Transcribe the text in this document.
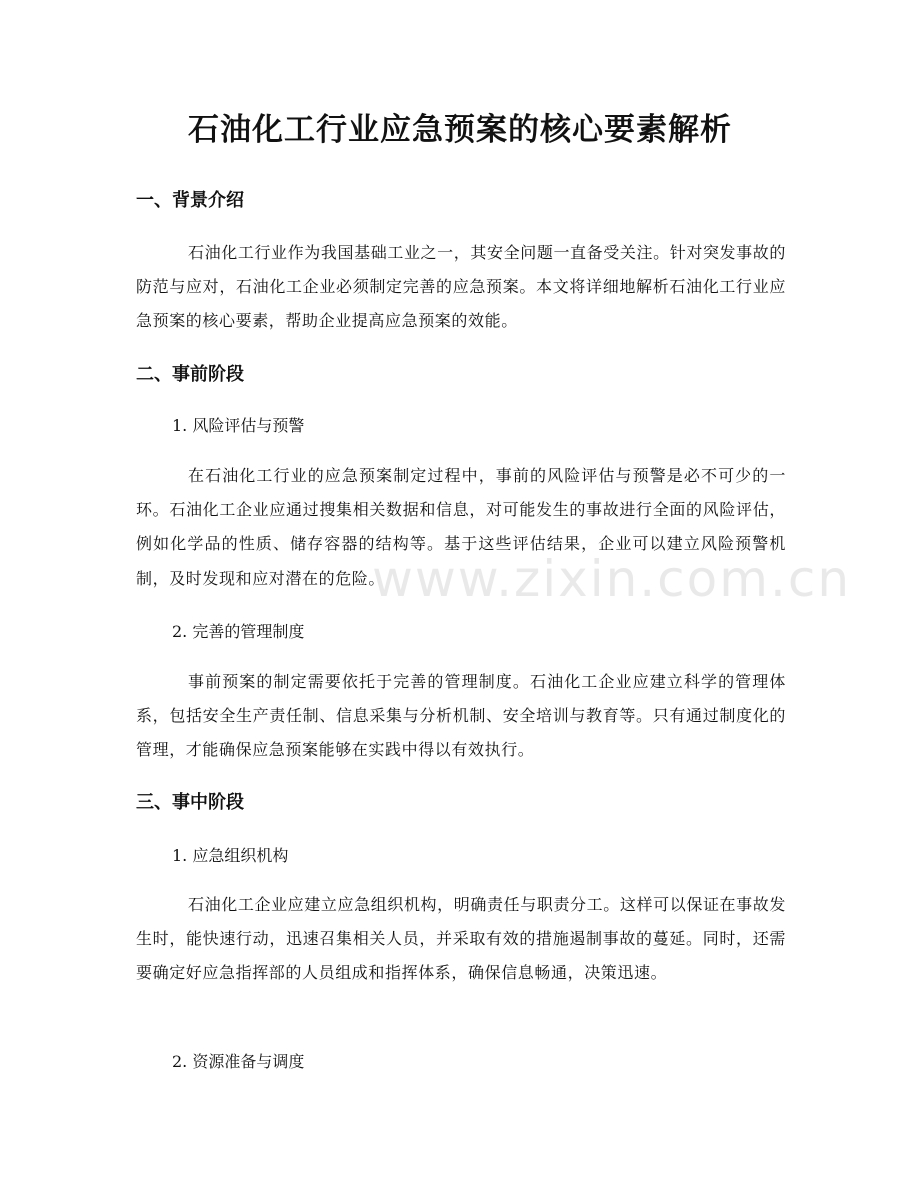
石油化工行业应急预案的核心要素解析
一、背景介绍
石油化工行业作为我国基础工业之一，其安全问题一直备受关注。针对突发事故的防范与应对，石油化工企业必须制定完善的应急预案。本文将详细地解析石油化工行业应急预案的核心要素，帮助企业提高应急预案的效能。
二、事前阶段
1. 风险评估与预警
在石油化工行业的应急预案制定过程中，事前的风险评估与预警是必不可少的一环。石油化工企业应通过搜集相关数据和信息，对可能发生的事故进行全面的风险评估，例如化学品的性质、储存容器的结构等。基于这些评估结果，企业可以建立风险预警机制，及时发现和应对潜在的危险。
2. 完善的管理制度
事前预案的制定需要依托于完善的管理制度。石油化工企业应建立科学的管理体系，包括安全生产责任制、信息采集与分析机制、安全培训与教育等。只有通过制度化的管理，才能确保应急预案能够在实践中得以有效执行。
三、事中阶段
1. 应急组织机构
石油化工企业应建立应急组织机构，明确责任与职责分工。这样可以保证在事故发生时，能快速行动，迅速召集相关人员，并采取有效的措施遏制事故的蔓延。同时，还需要确定好应急指挥部的人员组成和指挥体系，确保信息畅通，决策迅速。
2. 资源准备与调度
www.zixin.com.cn
